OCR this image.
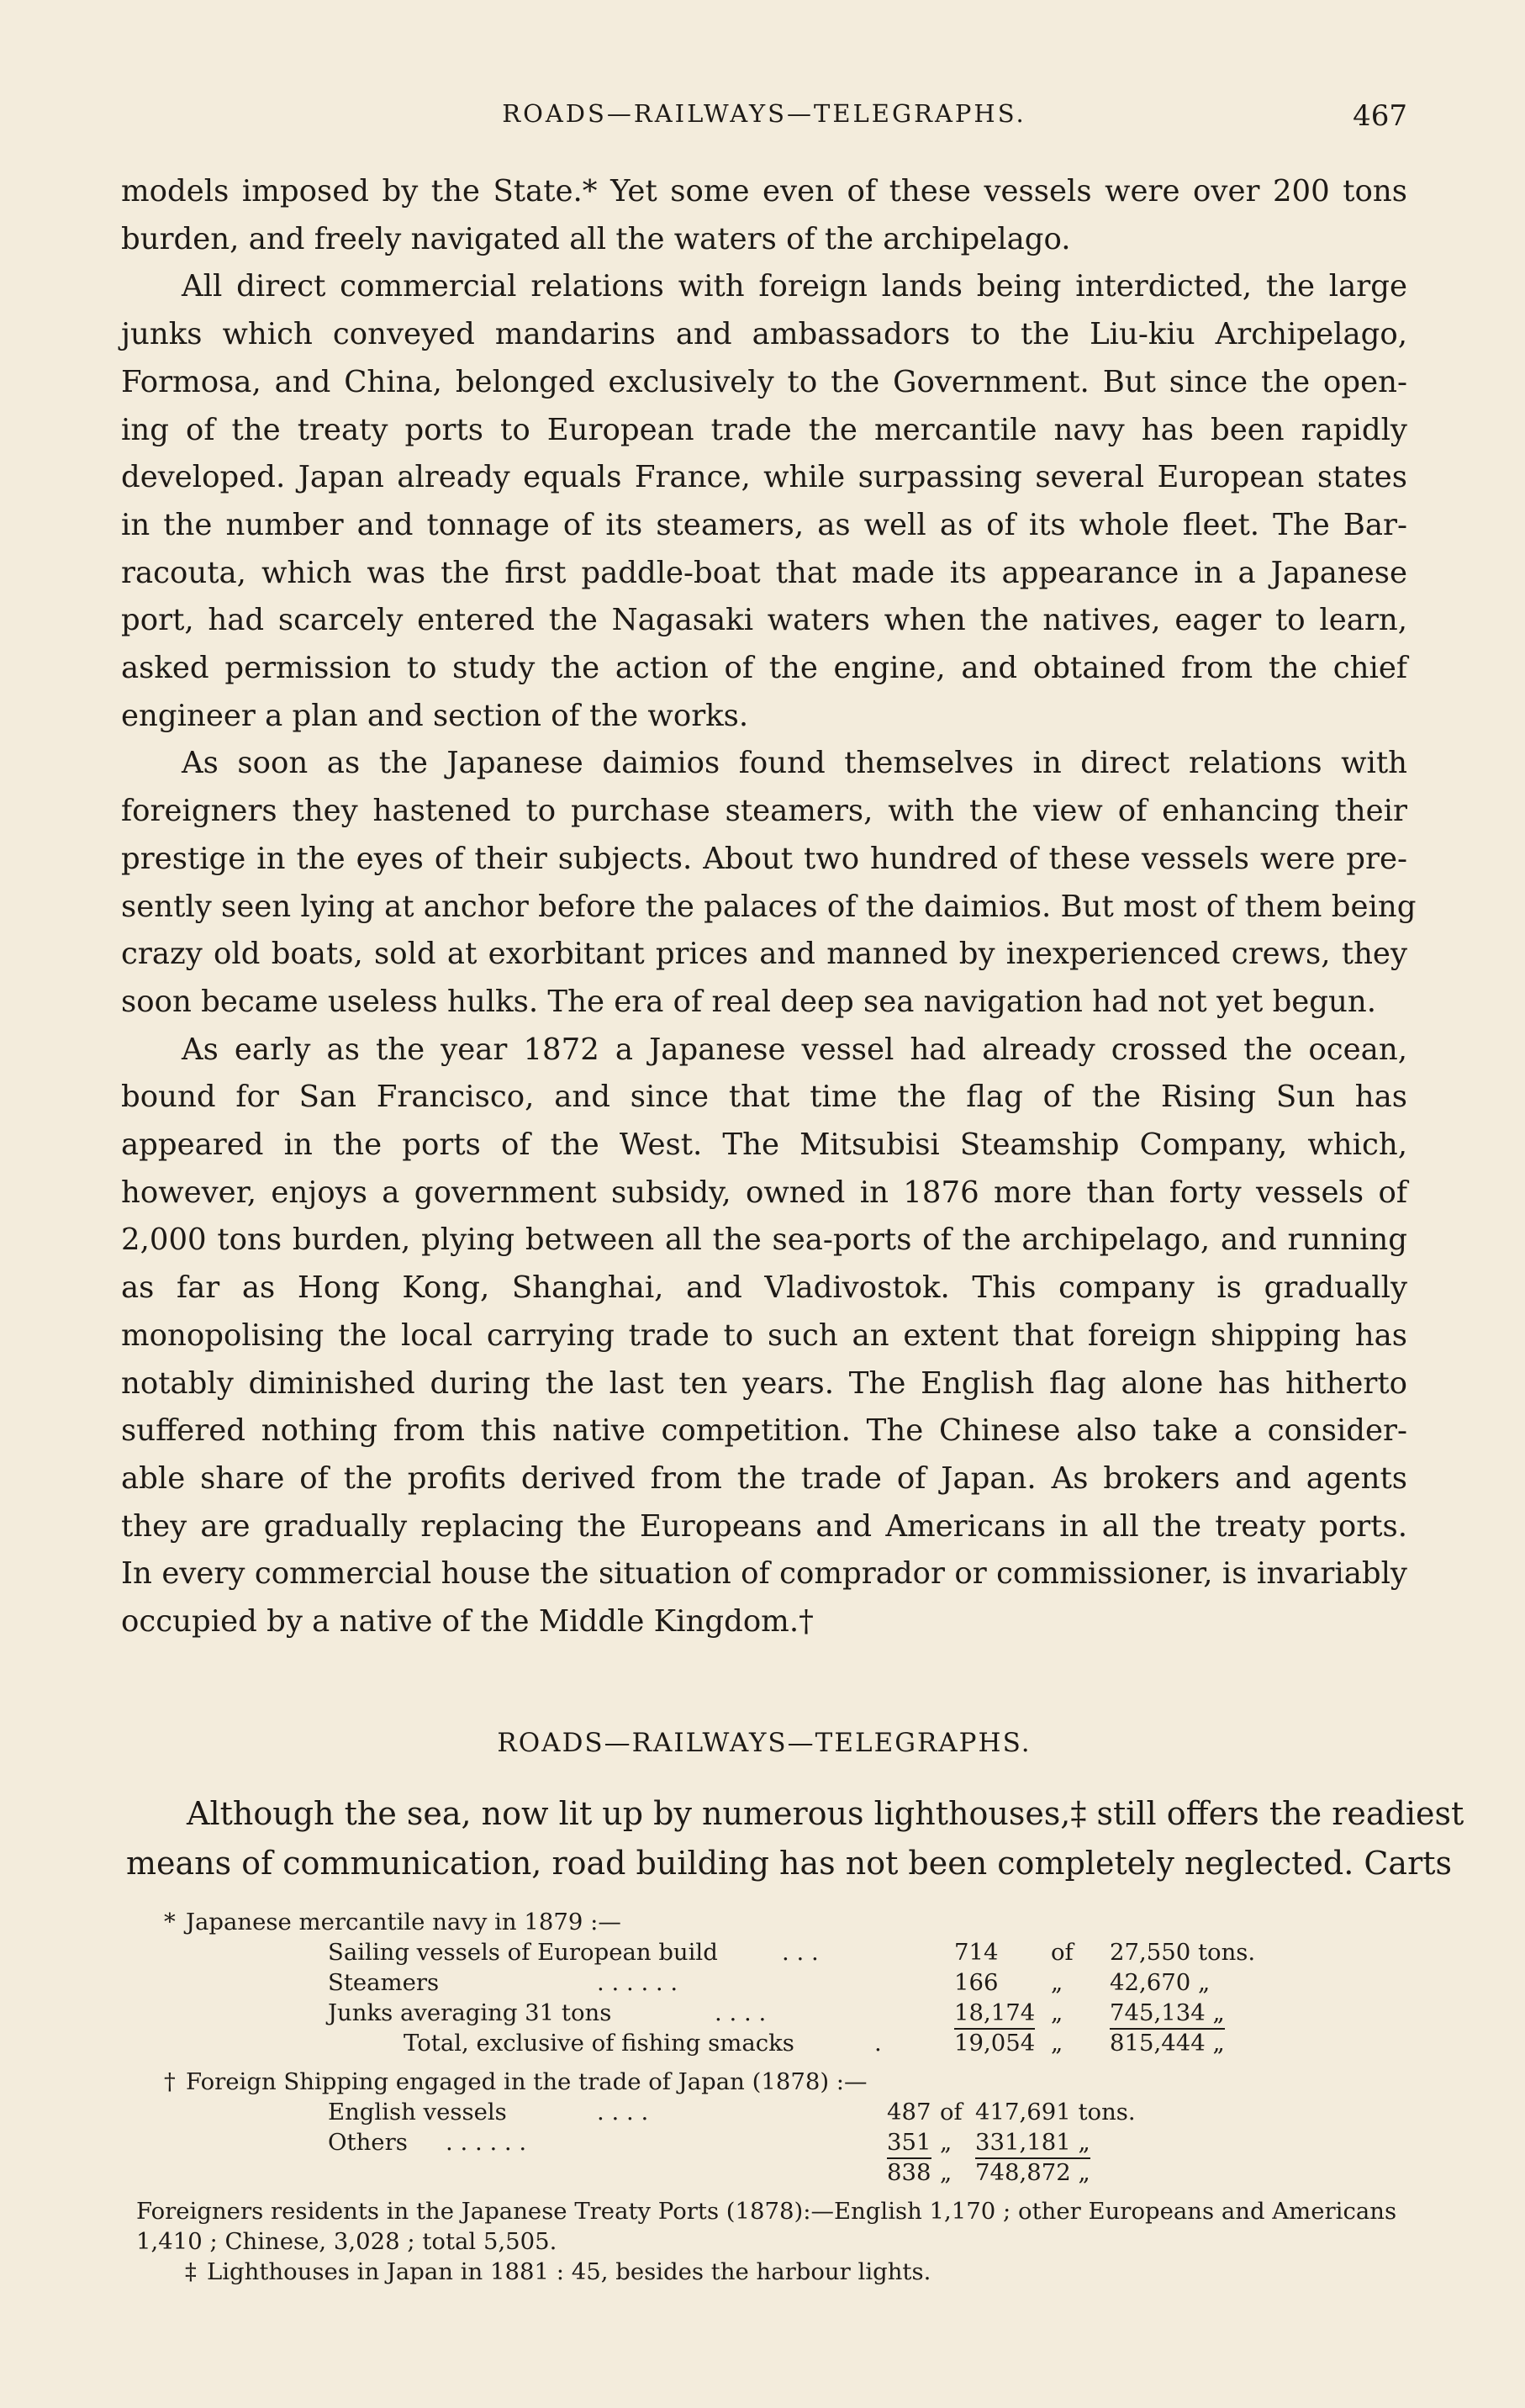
ROADS—RAILWAYS—TELEGRAPHS.	467
models imposed by the State.* Yet some even of these vessels were over 200 tons
burden, and freely navigated all the waters of the archipelago.
All direct commercial relations with foreign lands being interdicted, the large
junks which conveyed mandarins and ambassadors to the Liu-kiu Archipelago,
Formosa, and China, belonged exclusively to the Government. But since the open-
ing of the treaty ports to European trade the mercantile navy has been rapidly
developed. Japan already equals France, while surpassing several European states
in the number and tonnage of its steamers, as well as of its whole fleet. The Bar-
racouta, which was the first paddle-boat that made its appearance in a Japanese
port, had scarcely entered the Nagasaki waters when the natives, eager to learn,
asked permission to study the action of the engine, and obtained from the chief
engineer a plan and section of the works.
As soon as the Japanese daimios found themselves in direct relations with
foreigners they hastened to purchase steamers, with the view of enhancing their
prestige in the eyes of their subjects. About two hundred of these vessels were pre-
sently seen lying at anchor before the palaces of the daimios. But most of them being
crazy old boats, sold at exorbitant prices and manned by inexperienced crews, they
soon became useless hulks. The era of real deep sea navigation had not yet begun.
As early as the year 1872 a Japanese vessel had already crossed the ocean,
bound for San Francisco, and since that time the flag of the Rising Sun has
appeared in the ports of the West. The Mitsubisi Steamship Company, which,
however, enjoys a government subsidy, owned in 1876 more than forty vessels of
2,000 tons burden, plying between all the sea-ports of the archipelago, and running
as far as Hong Kong, Shanghai, and Vladivostok. This company is gradually
monopolising the local carrying trade to such an extent that foreign shipping has
notably diminished during the last ten years. The English flag alone has hitherto
suffered nothing from this native competition. The Chinese also take a consider-
able share of the profits derived from the trade of Japan. As brokers and agents
they are gradually replacing the Europeans and Americans in all the treaty ports.
In every commercial house the situation of comprador or commissioner, is invariably
occupied by a native of the Middle Kingdom.†
ROADS—RAILWAYS—TELEGRAPHS.
Although the sea, now lit up by numerous lighthouses,‡ still offers the readiest
means of communication, road building has not been completely neglected. Carts
* Japanese mercantile navy in 1879 :—
Sailing vessels of European build	. . .	714 of 27,550 tons.
Steamers	. . . . . .	166 „ 42,670 „
Junks averaging 31 tons	. . . .	18,174 „ 745,134 „
Total, exclusive of fishing smacks	.	19,054 „ 815,444 „
† Foreign Shipping engaged in the trade of Japan (1878) :—
English vessels	. . . .	487 of 417,691 tons.
Others . . . . . .	351 „ 331,181 „
838 „ 748,872 „
Foreigners residents in the Japanese Treaty Ports (1878):—English 1,170 ; other Europeans and Americans
1,410 ; Chinese, 3,028 ; total 5,505.
‡ Lighthouses in Japan in 1881 : 45, besides the harbour lights.
